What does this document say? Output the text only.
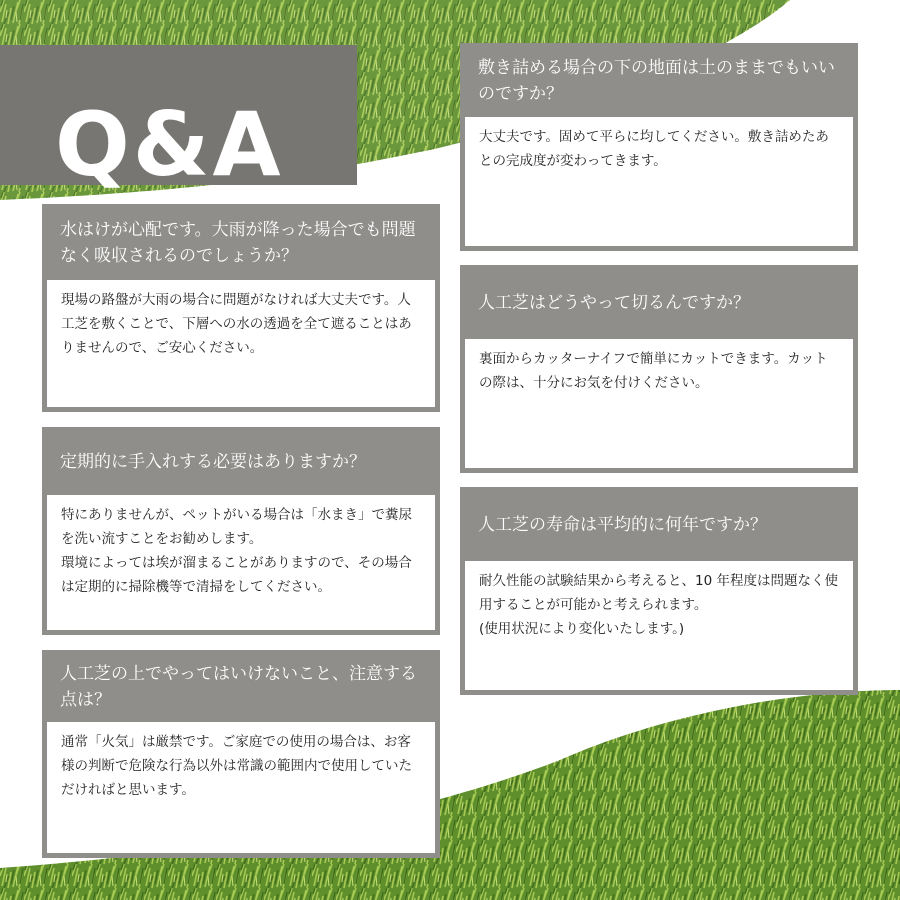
Q&A
水はけが心配です。大雨が降った場合でも問題なく吸収されるのでしょうか？
現場の路盤が大雨の場合に問題がなければ大丈夫です。人工芝を敷くことで、下層への水の透過を全て遮ることはありませんので、ご安心ください。
定期的に手入れする必要はありますか？
特にありませんが、ペットがいる場合は「水まき」で糞尿を洗い流すことをお勧めします。
環境によっては埃が溜まることがありますので、その場合は定期的に掃除機等で清掃をしてください。
人工芝の上でやってはいけないこと、注意する点は？
通常「火気」は厳禁です。ご家庭での使用の場合は、お客様の判断で危険な行為以外は常識の範囲内で使用していただければと思います。
敷き詰める場合の下の地面は土のままでもいいのですか？
大丈夫です。固めて平らに均してください。敷き詰めたあとの完成度が変わってきます。
人工芝はどうやって切るんですか？
裏面からカッターナイフで簡単にカットできます。カットの際は、十分にお気を付けください。
人工芝の寿命は平均的に何年ですか？
耐久性能の試験結果から考えると、10 年程度は問題なく使用することが可能かと考えられます。
(使用状況により変化いたします。)
